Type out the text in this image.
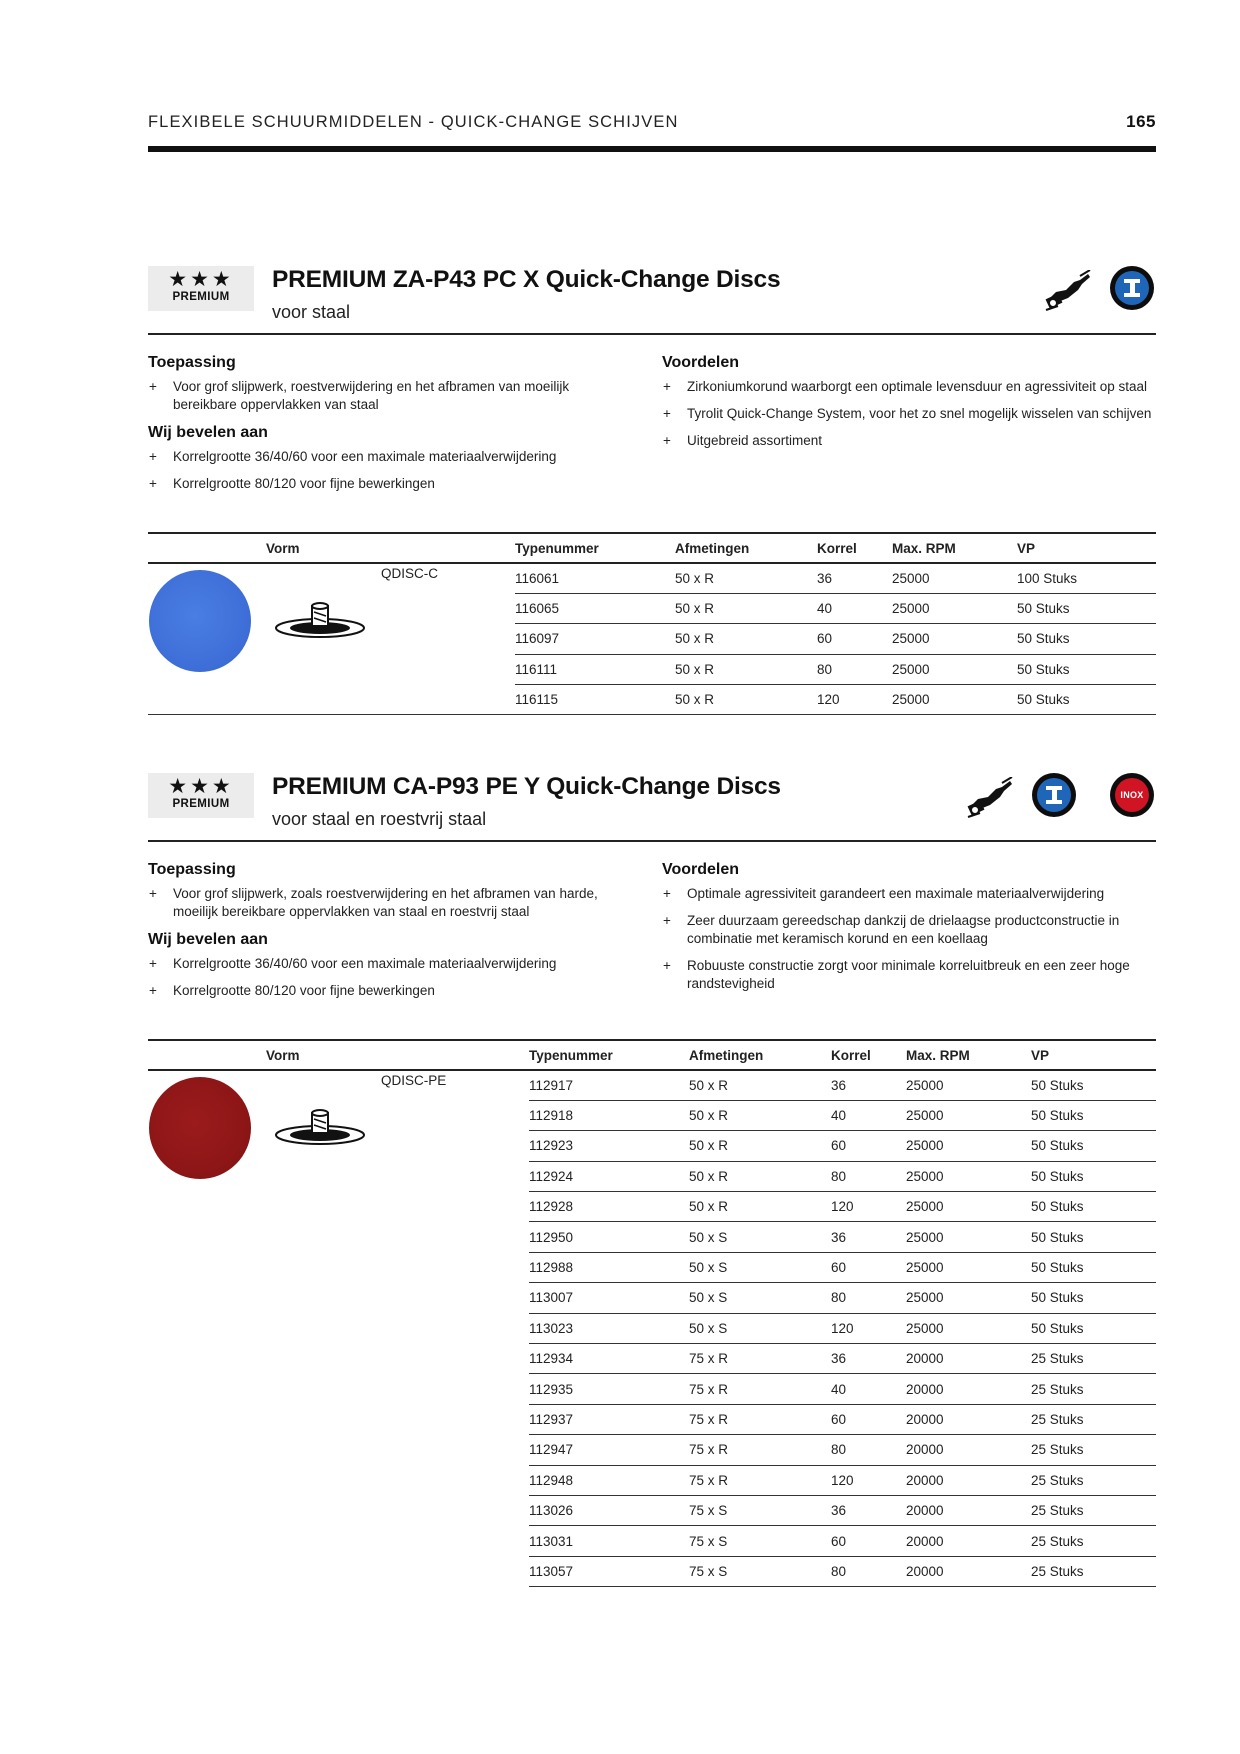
FLEXIBELE SCHUURMIDDELEN - QUICK-CHANGE SCHIJVEN	165
★★★
PREMIUM
PREMIUM ZA-P43 PC X Quick-Change Discs
voor staal
Toepassing
+ Voor grof slijpwerk, roestverwijdering en het afbramen van moeilijk bereikbare oppervlakken van staal
Wij bevelen aan
+ Korrelgrootte 36/40/60 voor een maximale materiaalverwijdering
+ Korrelgrootte 80/120 voor fijne bewerkingen
Voordelen
+ Zirkoniumkorund waarborgt een optimale levensduur en agressiviteit op staal
+ Tyrolit Quick-Change System, voor het zo snel mogelijk wisselen van schijven
+ Uitgebreid assortiment
Vorm	Typenummer	Afmetingen	Korrel	Max. RPM	VP
	116061	50 x R	36	25000	100 Stuks
	116065	50 x R	40	25000	50 Stuks
	116097	50 x R	60	25000	50 Stuks
	116111	50 x R	80	25000	50 Stuks
	116115	50 x R	120	25000	50 Stuks
QDISC-C
★★★
PREMIUM
PREMIUM CA-P93 PE Y Quick-Change Discs
voor staal en roestvrij staal
INOX
Toepassing
+ Voor grof slijpwerk, zoals roestverwijdering en het afbramen van harde, moeilijk bereikbare oppervlakken van staal en roestvrij staal
Wij bevelen aan
+ Korrelgrootte 36/40/60 voor een maximale materiaalverwijdering
+ Korrelgrootte 80/120 voor fijne bewerkingen
Voordelen
+ Optimale agressiviteit garandeert een maximale materiaalverwijdering
+ Zeer duurzaam gereedschap dankzij de drielaagse productconstructie in combinatie met keramisch korund en een koellaag
+ Robuuste constructie zorgt voor minimale korreluitbreuk en een zeer hoge randstevigheid
Vorm	Typenummer	Afmetingen	Korrel	Max. RPM	VP
	112917	50 x R	36	25000	50 Stuks
	112918	50 x R	40	25000	50 Stuks
	112923	50 x R	60	25000	50 Stuks
	112924	50 x R	80	25000	50 Stuks
	112928	50 x R	120	25000	50 Stuks
	112950	50 x S	36	25000	50 Stuks
	112988	50 x S	60	25000	50 Stuks
	113007	50 x S	80	25000	50 Stuks
	113023	50 x S	120	25000	50 Stuks
	112934	75 x R	36	20000	25 Stuks
	112935	75 x R	40	20000	25 Stuks
	112937	75 x R	60	20000	25 Stuks
	112947	75 x R	80	20000	25 Stuks
	112948	75 x R	120	20000	25 Stuks
	113026	75 x S	36	20000	25 Stuks
	113031	75 x S	60	20000	25 Stuks
	113057	75 x S	80	20000	25 Stuks
QDISC-PE
